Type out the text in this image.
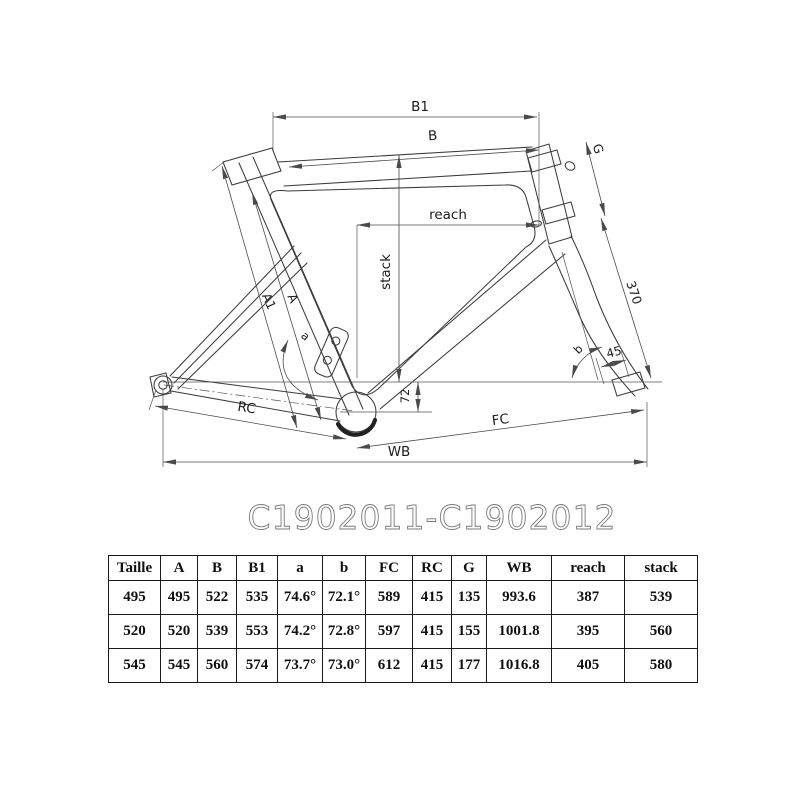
B1
B
reach
stack
G
370
A1 A
a
b 45
72
RC
FC
WB
C1902011-C1902012
Taille	A	B	B1	a	b	FC	RC	G	WB	reach	stack
495	495	522	535	74.6°	72.1°	589	415	135	993.6	387	539
520	520	539	553	74.2°	72.8°	597	415	155	1001.8	395	560
545	545	560	574	73.7°	73.0°	612	415	177	1016.8	405	580
